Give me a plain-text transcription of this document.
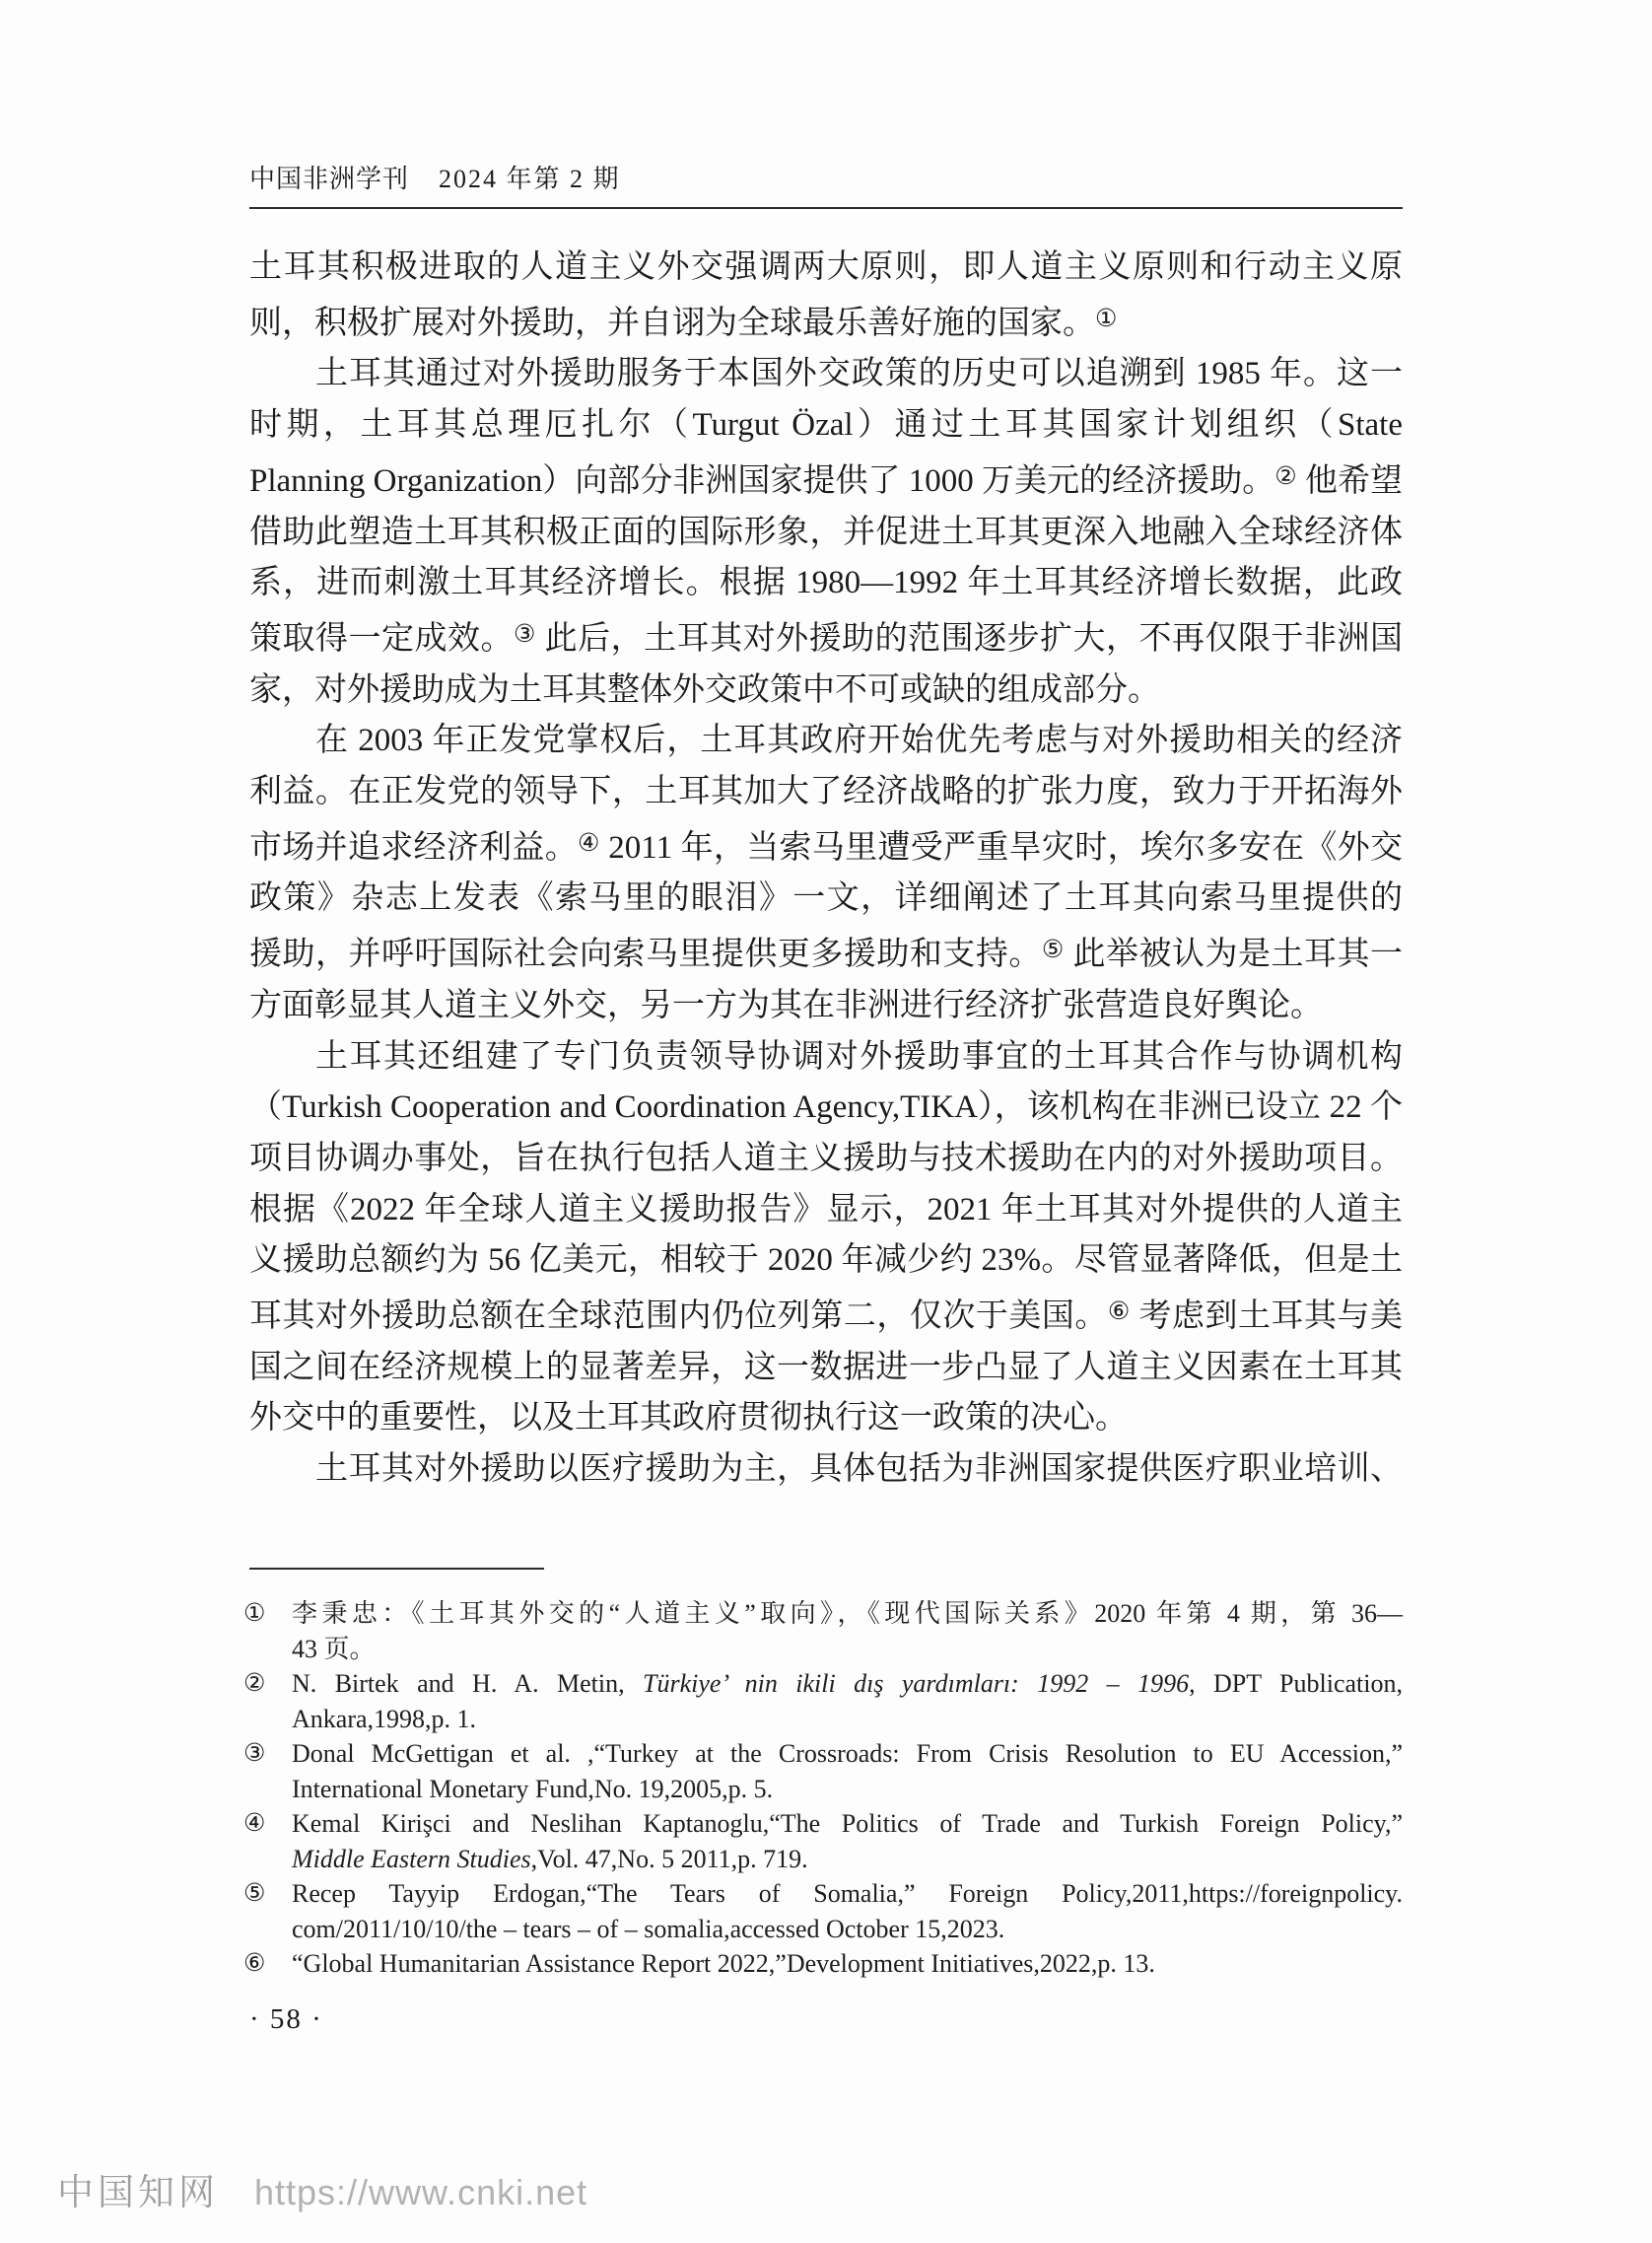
中国非洲学刊 2024 年第 2 期
土耳其积极进取的人道主义外交强调两大原则，即人道主义原则和行动主义原
则，积极扩展对外援助，并自诩为全球最乐善好施的国家。①
土耳其通过对外援助服务于本国外交政策的历史可以追溯到 1985 年。这一
时期，土耳其总理厄扎尔（Turgut Özal）通过土耳其国家计划组织（State
Planning Organization）向部分非洲国家提供了 1000 万美元的经济援助。② 他希望
借助此塑造土耳其积极正面的国际形象，并促进土耳其更深入地融入全球经济体
系，进而刺激土耳其经济增长。根据 1980—1992 年土耳其经济增长数据，此政
策取得一定成效。③ 此后，土耳其对外援助的范围逐步扩大，不再仅限于非洲国
家，对外援助成为土耳其整体外交政策中不可或缺的组成部分。
在 2003 年正发党掌权后，土耳其政府开始优先考虑与对外援助相关的经济
利益。在正发党的领导下，土耳其加大了经济战略的扩张力度，致力于开拓海外
市场并追求经济利益。④ 2011 年，当索马里遭受严重旱灾时，埃尔多安在《外交
政策》杂志上发表《索马里的眼泪》一文，详细阐述了土耳其向索马里提供的
援助，并呼吁国际社会向索马里提供更多援助和支持。⑤ 此举被认为是土耳其一
方面彰显其人道主义外交，另一方为其在非洲进行经济扩张营造良好舆论。
土耳其还组建了专门负责领导协调对外援助事宜的土耳其合作与协调机构
（Turkish Cooperation and Coordination Agency,TIKA），该机构在非洲已设立 22 个
项目协调办事处，旨在执行包括人道主义援助与技术援助在内的对外援助项目。
根据《2022 年全球人道主义援助报告》显示，2021 年土耳其对外提供的人道主
义援助总额约为 56 亿美元，相较于 2020 年减少约 23%。尽管显著降低，但是土
耳其对外援助总额在全球范围内仍位列第二，仅次于美国。⑥ 考虑到土耳其与美
国之间在经济规模上的显著差异，这一数据进一步凸显了人道主义因素在土耳其
外交中的重要性，以及土耳其政府贯彻执行这一政策的决心。
土耳其对外援助以医疗援助为主，具体包括为非洲国家提供医疗职业培训、
① 李秉忠：《土耳其外交的“人道主义”取向》，《现代国际关系》2020 年第 4 期，第 36—
43 页。
② N. Birtek and H. A. Metin, Türkiye’ nin ikili dış yardımları: 1992 – 1996, DPT Publication,
Ankara,1998,p. 1.
③ Donal McGettigan et al. ,“Turkey at the Crossroads: From Crisis Resolution to EU Accession,”
International Monetary Fund,No. 19,2005,p. 5.
④ Kemal Kirişci and Neslihan Kaptanoglu,“The Politics of Trade and Turkish Foreign Policy,”
Middle Eastern Studies,Vol. 47,No. 5 2011,p. 719.
⑤ Recep Tayyip Erdogan,“The Tears of Somalia,” Foreign Policy,2011,https://foreignpolicy.
com/2011/10/10/the – tears – of – somalia,accessed October 15,2023.
⑥ “Global Humanitarian Assistance Report 2022,”Development Initiatives,2022,p. 13.
· 58 ·
中国知网 https://www.cnki.net
